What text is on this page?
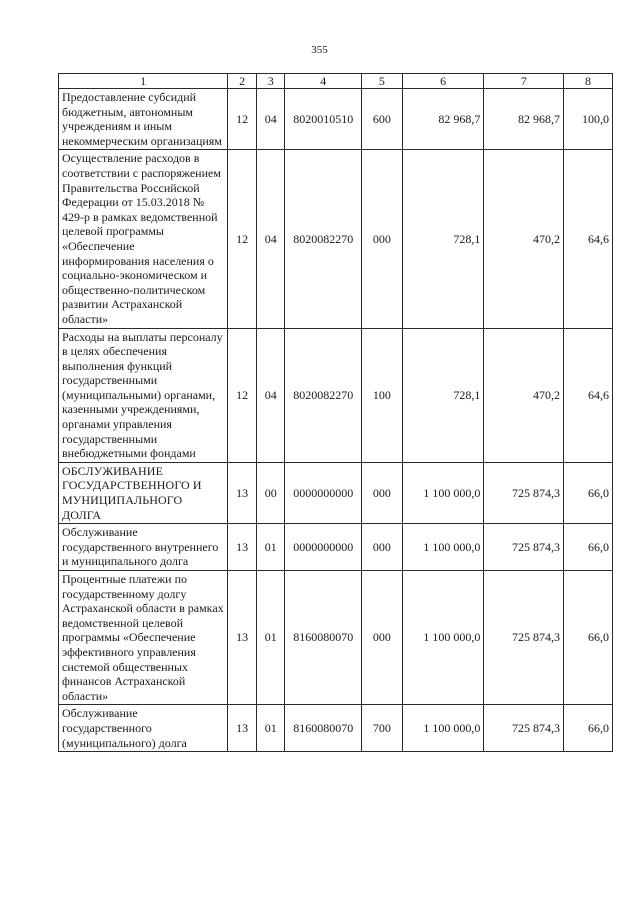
355
1	2	3	4	5	6	7	8
Предоставление субсидий бюджетным, автономным учреждениям и иным некоммерческим организациям	12	04	8020010510	600	82 968,7	82 968,7	100,0
Осуществление расходов в соответствии с распоряжением Правительства Российской Федерации от 15.03.2018 № 429-р в рамках ведомственной целевой программы «Обеспечение информирования населения о социально-экономическом и общественно-политическом развитии Астраханской области»	12	04	8020082270	000	728,1	470,2	64,6
Расходы на выплаты персоналу в целях обеспечения выполнения функций государственными (муниципальными) органами, казенными учреждениями, органами управления государственными внебюджетными фондами	12	04	8020082270	100	728,1	470,2	64,6
ОБСЛУЖИВАНИЕ ГОСУДАРСТВЕННОГО И МУНИЦИПАЛЬНОГО ДОЛГА	13	00	0000000000	000	1 100 000,0	725 874,3	66,0
Обслуживание государственного внутреннего и муниципального долга	13	01	0000000000	000	1 100 000,0	725 874,3	66,0
Процентные платежи по государственному долгу Астраханской области в рамках ведомственной целевой программы «Обеспечение эффективного управления системой общественных финансов Астраханской области»	13	01	8160080070	000	1 100 000,0	725 874,3	66,0
Обслуживание государственного (муниципального) долга	13	01	8160080070	700	1 100 000,0	725 874,3	66,0
